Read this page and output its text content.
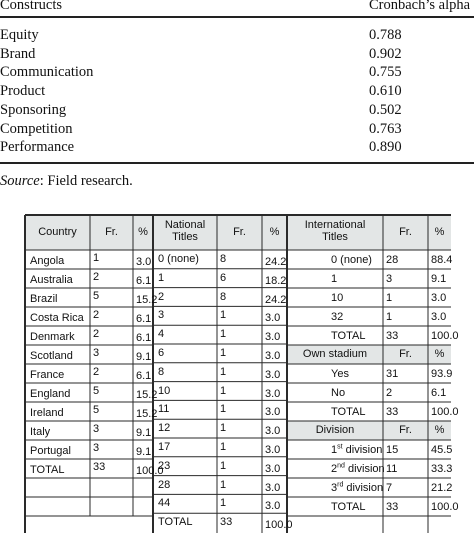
Constructs	Cronbach’s alpha
Equity	0.788
Brand	0.902
Communication	0.755
Product	0.610
Sponsoring	0.502
Competition	0.763
Performance	0.890
Source: Field research.
Country	Fr.	%
Angola	1	3.0
Australia 2	6.1
Brazil	5	15.2
Costa Rica 2	6.1
Denmark 2	6.1
Scotland 3	9.1
France	2	6.1
England 5	15.2
Ireland	5	15.2
Italy	3	9.1
Portugal 3	9.1
TOTAL	33	100.0
National Titles	Fr.	%
0 (none) 8	24.2
1	6	18.2
2	8	24.2
3	1	3.0
4	1	3.0
6	1	3.0
8	1	3.0
10	1	3.0
11	1	3.0
12	1	3.0
17	1	3.0
23	1	3.0
28	1	3.0
44	1	3.0
TOTAL	33	100.0
International Titles	Fr.	%
0 (none) 28	88.4
1	3	9.1
10	1	3.0
32	1	3.0
TOTAL 33	100.0
Own stadium	Fr.	%
Yes	31	93.9
No	2	6.1
TOTAL 33	100.0
Division	Fr.	%
1st division 15	45.5
2nd division 11	33.3
3rd division 7	21.2
TOTAL 33	100.0
